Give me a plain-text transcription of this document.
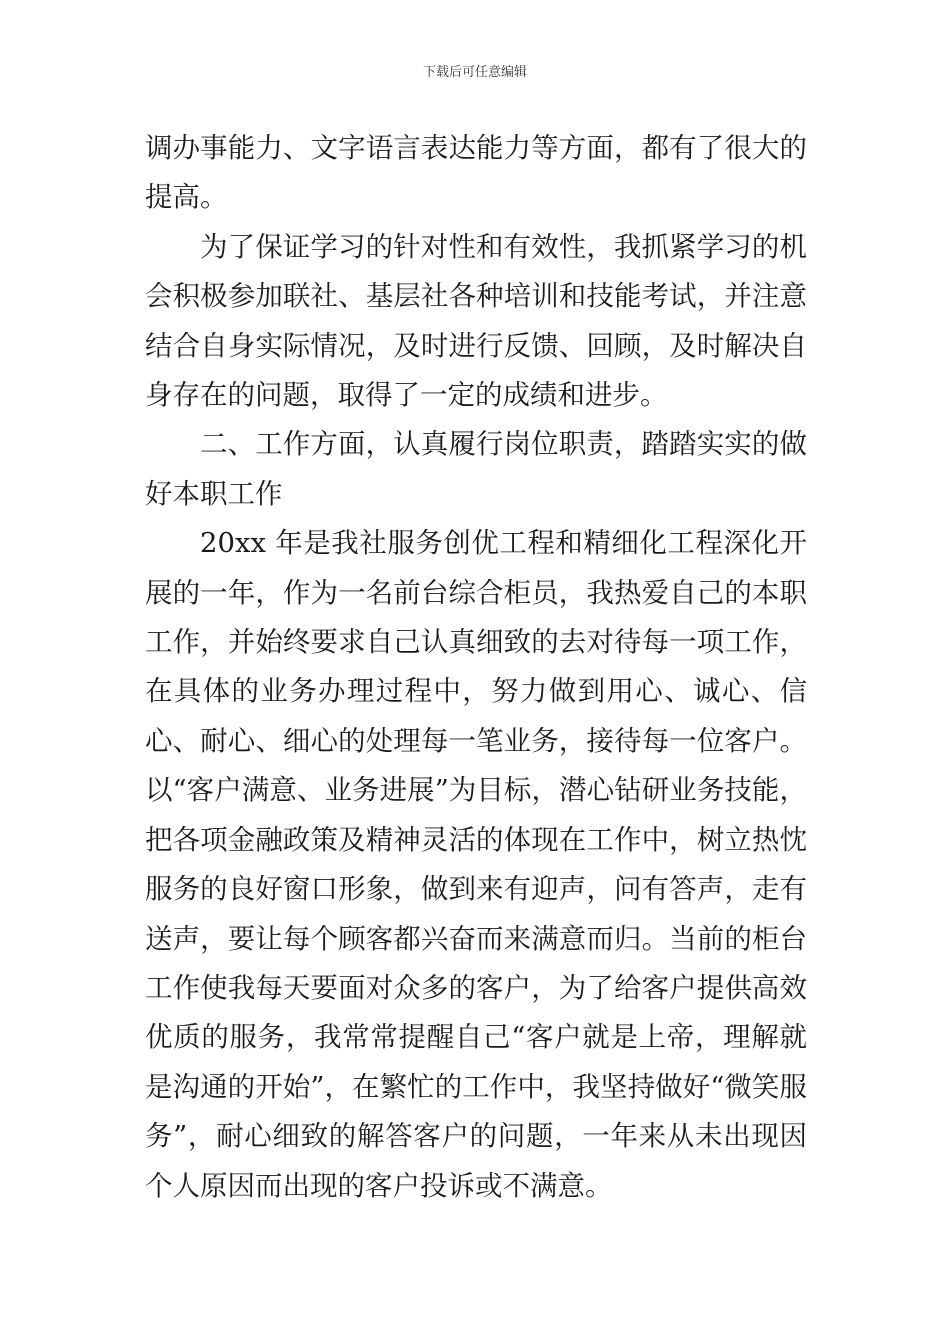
下载后可任意编辑

调办事能力、文字语言表达能力等方面，都有了很大的提高。

为了保证学习的针对性和有效性，我抓紧学习的机会积极参加联社、基层社各种培训和技能考试，并注意结合自身实际情况，及时进行反馈、回顾，及时解决自身存在的问题，取得了一定的成绩和进步。

二、工作方面，认真履行岗位职责，踏踏实实的做好本职工作

20xx 年是我社服务创优工程和精细化工程深化开展的一年，作为一名前台综合柜员，我热爱自己的本职工作，并始终要求自己认真细致的去对待每一项工作，在具体的业务办理过程中，努力做到用心、诚心、信心、耐心、细心的处理每一笔业务，接待每一位客户。以“客户满意、业务进展”为目标，潜心钻研业务技能，把各项金融政策及精神灵活的体现在工作中，树立热忱服务的良好窗口形象，做到来有迎声，问有答声，走有送声，要让每个顾客都兴奋而来满意而归。当前的柜台工作使我每天要面对众多的客户，为了给客户提供高效优质的服务，我常常提醒自己“客户就是上帝，理解就是沟通的开始”，在繁忙的工作中，我坚持做好“微笑服务”，耐心细致的解答客户的问题，一年来从未出现因个人原因而出现的客户投诉或不满意。
